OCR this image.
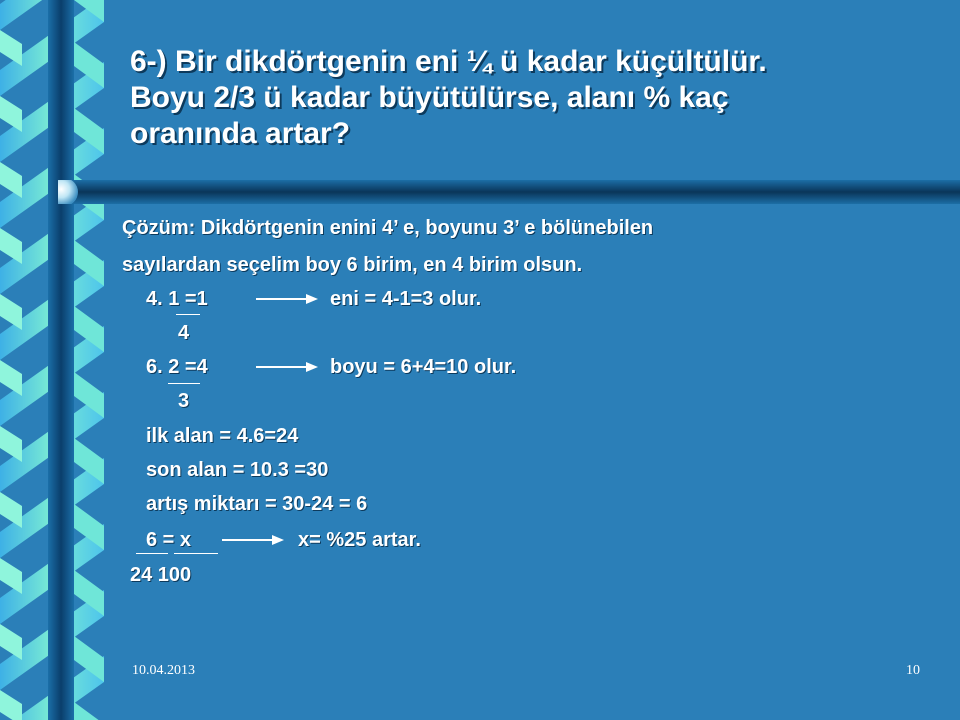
6-) Bir dikdörtgenin eni ¼ ü kadar küçültülür.
Boyu 2/3 ü kadar büyütülürse, alanı % kaç
oranında artar?
Çözüm: Dikdörtgenin enini 4’ e, boyunu 3’ e bölünebilen
sayılardan seçelim boy 6 birim, en 4 birim olsun.
4. 1 =1	eni = 4-1=3 olur.
4
6. 2 =4	boyu = 6+4=10 olur.
3
ilk alan = 4.6=24
son alan = 10.3 =30
artış miktarı = 30-24 = 6
6 = x	x= %25 artar.
24 100
10.04.2013	10
